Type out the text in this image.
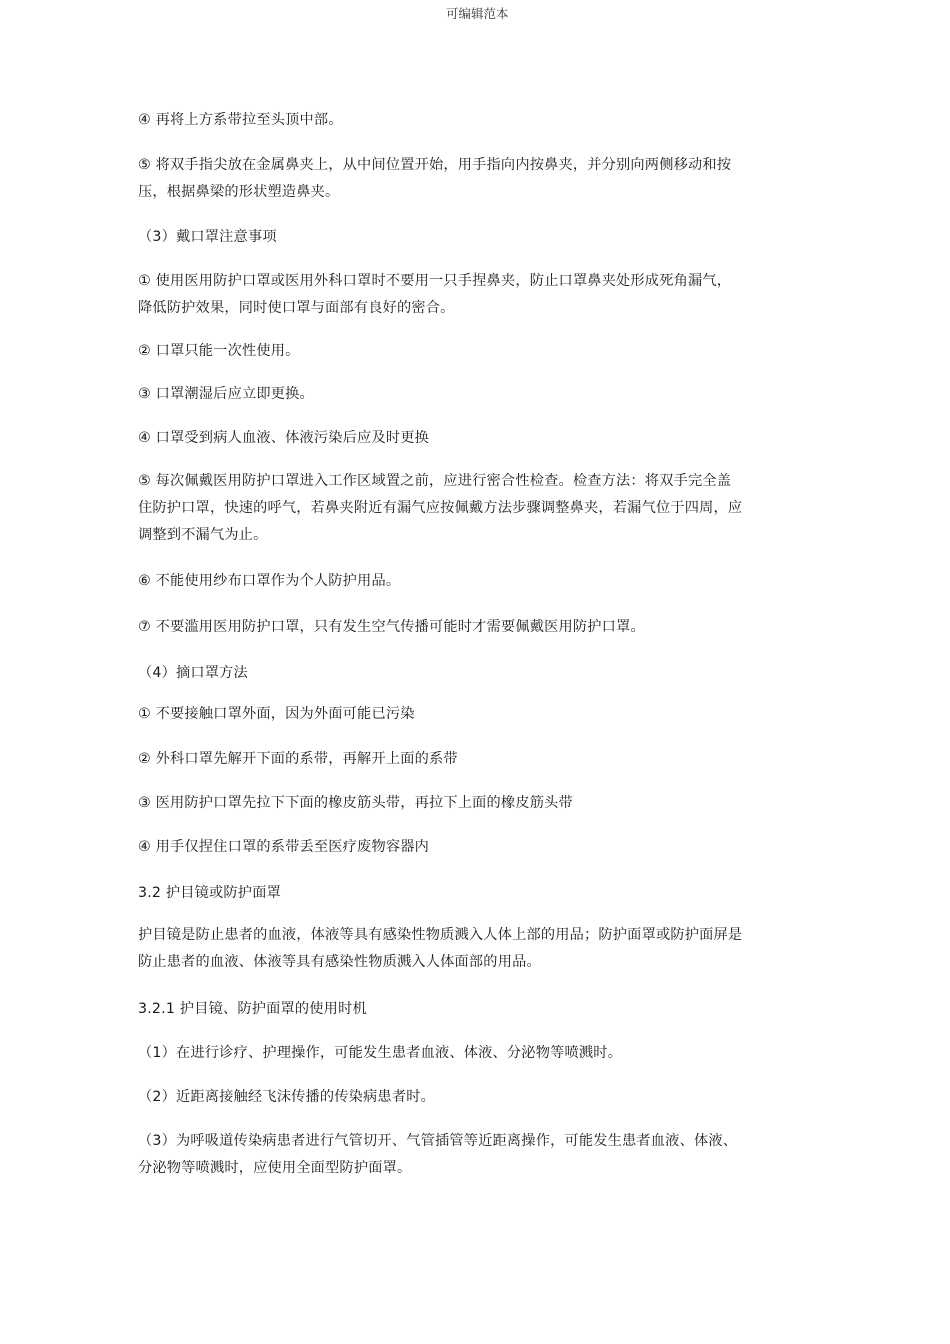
可编辑范本
④ 再将上方系带拉至头顶中部。
⑤ 将双手指尖放在金属鼻夹上，从中间位置开始，用手指向内按鼻夹，并分别向两侧移动和按
压，根据鼻梁的形状塑造鼻夹。
（3）戴口罩注意事项
① 使用医用防护口罩或医用外科口罩时不要用一只手捏鼻夹，防止口罩鼻夹处形成死角漏气，
降低防护效果，同时使口罩与面部有良好的密合。
② 口罩只能一次性使用。
③ 口罩潮湿后应立即更换。
④ 口罩受到病人血液、体液污染后应及时更换
⑤ 每次佩戴医用防护口罩进入工作区域置之前，应进行密合性检查。检查方法：将双手完全盖
住防护口罩，快速的呼气，若鼻夹附近有漏气应按佩戴方法步骤调整鼻夹，若漏气位于四周，应
调整到不漏气为止。
⑥ 不能使用纱布口罩作为个人防护用品。
⑦ 不要滥用医用防护口罩，只有发生空气传播可能时才需要佩戴医用防护口罩。
（4）摘口罩方法
① 不要接触口罩外面，因为外面可能已污染
② 外科口罩先解开下面的系带，再解开上面的系带
③ 医用防护口罩先拉下下面的橡皮筋头带，再拉下上面的橡皮筋头带
④ 用手仅捏住口罩的系带丢至医疗废物容器内
3.2 护目镜或防护面罩
护目镜是防止患者的血液，体液等具有感染性物质溅入人体上部的用品；防护面罩或防护面屏是
防止患者的血液、体液等具有感染性物质溅入人体面部的用品。
3.2.1 护目镜、防护面罩的使用时机
（1）在进行诊疗、护理操作，可能发生患者血液、体液、分泌物等喷溅时。
（2）近距离接触经飞沫传播的传染病患者时。
（3）为呼吸道传染病患者进行气管切开、气管插管等近距离操作，可能发生患者血液、体液、
分泌物等喷溅时，应使用全面型防护面罩。
